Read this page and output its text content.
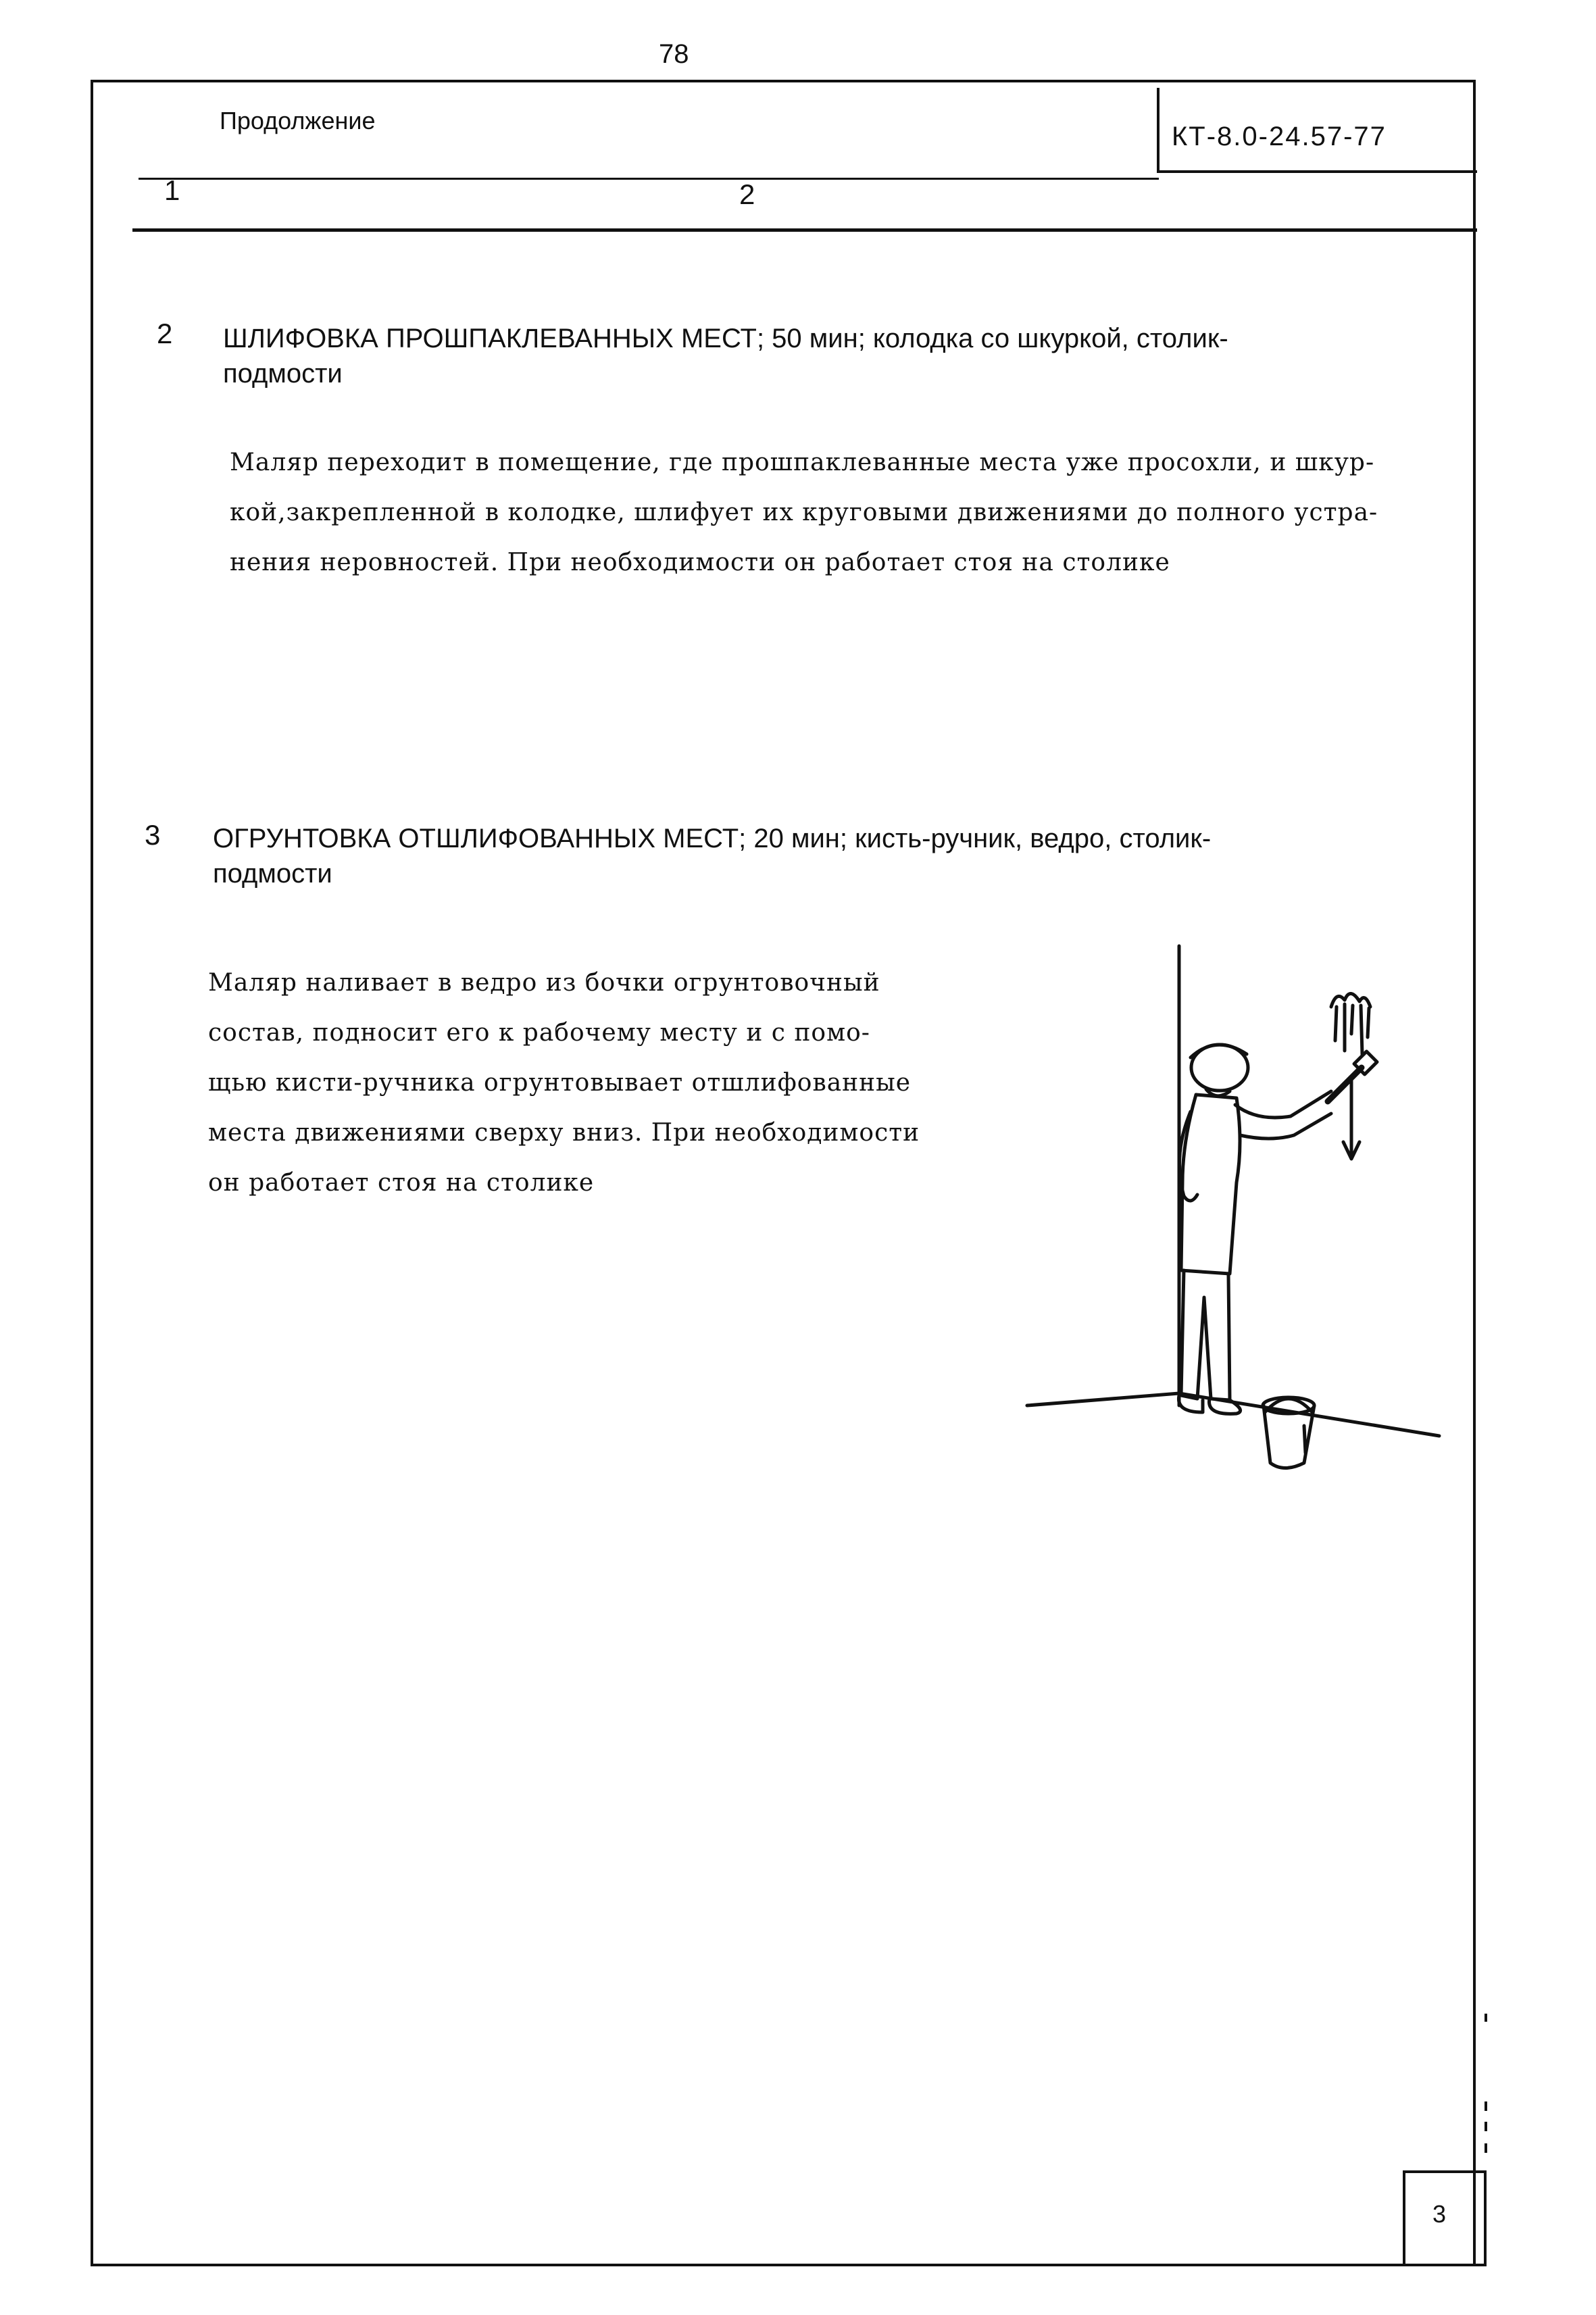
78
Продолжение
КТ-8.0-24.57-77
1	2
2 ШЛИФОВКА ПРОШПАКЛЕВАННЫХ МЕСТ; 50 мин; колодка со шкуркой, столик-
подмости
Маляр переходит в помещение, где прошпаклеванные места уже просохли, и шкур-
кой,закрепленной в колодке, шлифует их круговыми движениями до полного устра-
нения неровностей. При необходимости он работает стоя на столике
3 ОГРУНТОВКА ОТШЛИФОВАННЫХ МЕСТ; 20 мин; кисть-ручник, ведро, столик-
подмости
Маляр наливает в ведро из бочки огрунтовочный
состав, подносит его к рабочему месту и с помо-
щью кисти-ручника огрунтовывает отшлифованные
места движениями сверху вниз. При необходимости
он работает стоя на столике
3
